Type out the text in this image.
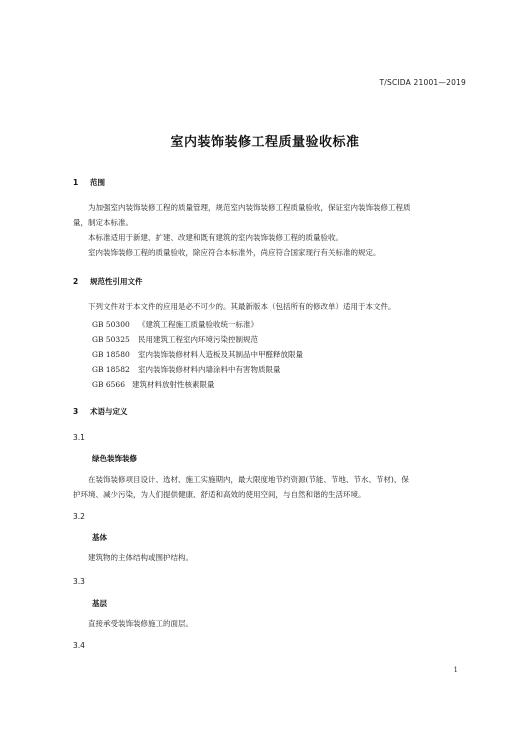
T/SCIDA 21001—2019
室内装饰装修工程质量验收标准
1 范围
为加强室内装饰装修工程的质量管理，规范室内装饰装修工程质量验收，保证室内装饰装修工程质
量，制定本标准。
本标准适用于新建、扩建、改建和既有建筑的室内装饰装修工程的质量验收。
室内装饰装修工程的质量验收，除应符合本标准外，尚应符合国家现行有关标准的规定。
2 规范性引用文件
下列文件对于本文件的应用是必不可少的。其最新版本（包括所有的修改单）适用于本文件。
GB 50300 《建筑工程施工质量验收统一标准》
GB 50325 民用建筑工程室内环境污染控制规范
GB 18580 室内装饰装修材料人造板及其制品中甲醛释放限量
GB 18582 室内装饰装修材料内墙涂料中有害物质限量
GB 6566 建筑材料放射性核素限量
3 术语与定义
3.1
绿色装饰装修
在装饰装修项目设计、选材、施工实施期内，最大限度地节约资源(节能、节地、节水、节材)、保
护环境、减少污染，为人们提供健康、舒适和高效的使用空间，与自然和谐的生活环境。
3.2
基体
建筑物的主体结构或围护结构。
3.3
基层
直接承受装饰装修施工的面层。
3.4
1
